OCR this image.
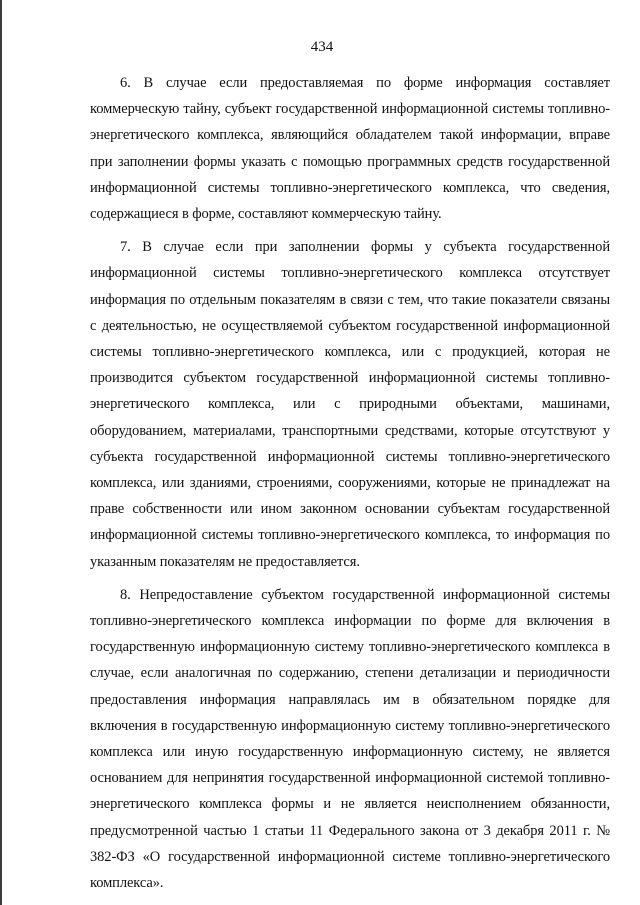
434

6. В случае если предоставляемая по форме информация составляет коммерческую тайну, субъект государственной информационной системы топливно-энергетического комплекса, являющийся обладателем такой информации, вправе при заполнении формы указать с помощью программных средств государственной информационной системы топливно-энергетического комплекса, что сведения, содержащиеся в форме, составляют коммерческую тайну.

7. В случае если при заполнении формы у субъекта государственной информационной системы топливно-энергетического комплекса отсутствует информация по отдельным показателям в связи с тем, что такие показатели связаны с деятельностью, не осуществляемой субъектом государственной информационной системы топливно-энергетического комплекса, или с продукцией, которая не производится субъектом государственной информационной системы топливно-энергетического комплекса, или с природными объектами, машинами, оборудованием, материалами, транспортными средствами, которые отсутствуют у субъекта государственной информационной системы топливно-энергетического комплекса, или зданиями, строениями, сооружениями, которые не принадлежат на праве собственности или ином законном основании субъектам государственной информационной системы топливно-энергетического комплекса, то информация по указанным показателям не предоставляется.

8. Непредоставление субъектом государственной информационной системы топливно-энергетического комплекса информации по форме для включения в государственную информационную систему топливно-энергетического комплекса в случае, если аналогичная по содержанию, степени детализации и периодичности предоставления информация направлялась им в обязательном порядке для включения в государственную информационную систему топливно-энергетического комплекса или иную государственную информационную систему, не является основанием для непринятия государственной информационной системой топливно-энергетического комплекса формы и не является неисполнением обязанности, предусмотренной частью 1 статьи 11 Федерального закона от 3 декабря 2011 г. № 382-ФЗ «О государственной информационной системе топливно-энергетического комплекса».
